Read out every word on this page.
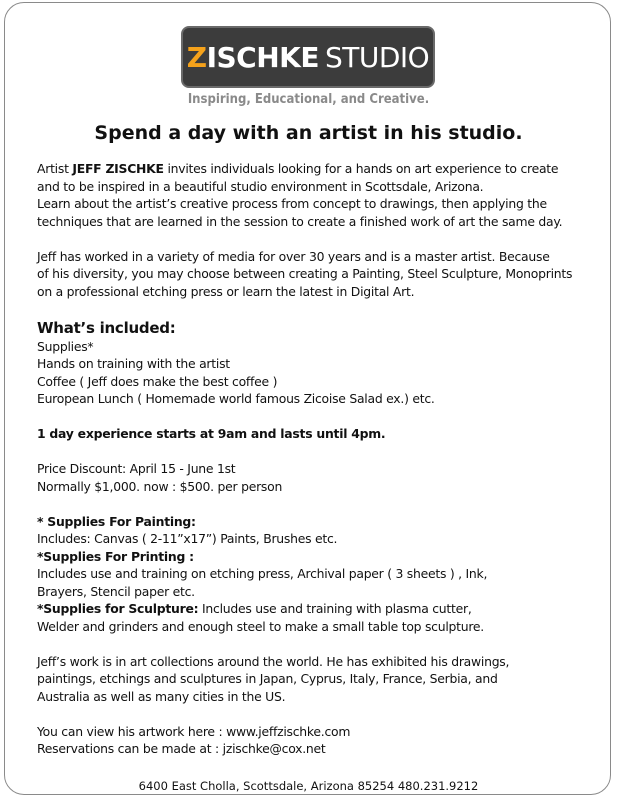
Z ISCHKE STUDIO
Inspiring, Educational, and Creative.
Spend a day with an artist in his studio.

Artist JEFF ZISCHKE invites individuals looking for a hands on art experience to create

and to be inspired in a beautiful studio environment in Scottsdale, Arizona.

Learn about the artist’s creative process from concept to drawings, then applying the

techniques that are learned in the session to create a finished work of art the same day.

Jeff has worked in a variety of media for over 30 years and is a master artist. Because

of his diversity, you may choose between creating a Painting, Steel Sculpture, Monoprints

on a professional etching press or learn the latest in Digital Art.

What’s included:

Supplies*

Hands on training with the artist

Coffee ( Jeff does make the best coffee )

European Lunch ( Homemade world famous Zicoise Salad ex.) etc.

1 day experience starts at 9am and lasts until 4pm.

Price Discount: April 15 - June 1st

Normally $1,000. now : $500. per person

* Supplies For Painting:

Includes: Canvas ( 2-11”x17”) Paints, Brushes etc.

*Supplies For Printing :

Includes use and training on etching press, Archival paper ( 3 sheets ) , Ink,

Brayers, Stencil paper etc.

*Supplies for Sculpture: Includes use and training with plasma cutter,

Welder and grinders and enough steel to make a small table top sculpture.

Jeff’s work is in art collections around the world. He has exhibited his drawings,

paintings, etchings and sculptures in Japan, Cyprus, Italy, France, Serbia, and

Australia as well as many cities in the US.

You can view his artwork here : www.jeffzischke.com

Reservations can be made at : jzischke@cox.net

6400 East Cholla, Scottsdale, Arizona 85254 480.231.9212
